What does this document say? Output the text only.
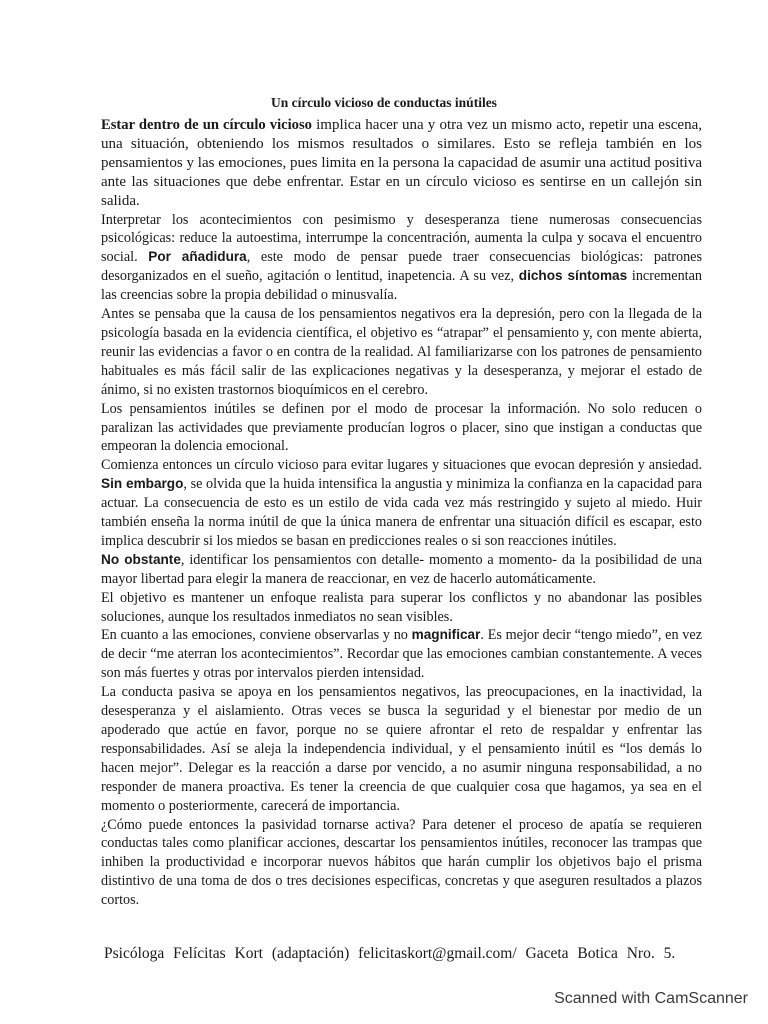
Un círculo vicioso de conductas inútiles

Estar dentro de un círculo vicioso implica hacer una y otra vez un mismo acto, repetir una escena, una situación, obteniendo los mismos resultados o similares. Esto se refleja también en los pensamientos y las emociones, pues limita en la persona la capacidad de asumir una actitud positiva ante las situaciones que debe enfrentar. Estar en un círculo vicioso es sentirse en un callejón sin salida.

Interpretar los acontecimientos con pesimismo y desesperanza tiene numerosas consecuencias psicológicas: reduce la autoestima, interrumpe la concentración, aumenta la culpa y socava el encuentro social. Por añadidura, este modo de pensar puede traer consecuencias biológicas: patrones desorganizados en el sueño, agitación o lentitud, inapetencia. A su vez, dichos síntomas incrementan las creencias sobre la propia debilidad o minusvalía.

Antes se pensaba que la causa de los pensamientos negativos era la depresión, pero con la llegada de la psicología basada en la evidencia científica, el objetivo es “atrapar” el pensamiento y, con mente abierta, reunir las evidencias a favor o en contra de la realidad. Al familiarizarse con los patrones de pensamiento habituales es más fácil salir de las explicaciones negativas y la desesperanza, y mejorar el estado de ánimo, si no existen trastornos bioquímicos en el cerebro.

Los pensamientos inútiles se definen por el modo de procesar la información. No solo reducen o paralizan las actividades que previamente producían logros o placer, sino que instigan a conductas que empeoran la dolencia emocional.

Comienza entonces un círculo vicioso para evitar lugares y situaciones que evocan depresión y ansiedad. Sin embargo, se olvida que la huida intensifica la angustia y minimiza la confianza en la capacidad para actuar. La consecuencia de esto es un estilo de vida cada vez más restringido y sujeto al miedo. Huir también enseña la norma inútil de que la única manera de enfrentar una situación difícil es escapar, esto implica descubrir si los miedos se basan en predicciones reales o si son reacciones inútiles.

No obstante, identificar los pensamientos con detalle- momento a momento- da la posibilidad de una mayor libertad para elegir la manera de reaccionar, en vez de hacerlo automáticamente.

El objetivo es mantener un enfoque realista para superar los conflictos y no abandonar las posibles soluciones, aunque los resultados inmediatos no sean visibles.

En cuanto a las emociones, conviene observarlas y no magnificar. Es mejor decir “tengo miedo”, en vez de decir “me aterran los acontecimientos”. Recordar que las emociones cambian constantemente. A veces son más fuertes y otras por intervalos pierden intensidad.

La conducta pasiva se apoya en los pensamientos negativos, las preocupaciones, en la inactividad, la desesperanza y el aislamiento. Otras veces se busca la seguridad y el bienestar por medio de un apoderado que actúe en favor, porque no se quiere afrontar el reto de respaldar y enfrentar las responsabilidades. Así se aleja la independencia individual, y el pensamiento inútil es “los demás lo hacen mejor”. Delegar es la reacción a darse por vencido, a no asumir ninguna responsabilidad, a no responder de manera proactiva. Es tener la creencia de que cualquier cosa que hagamos, ya sea en el momento o posteriormente, carecerá de importancia.

¿Cómo puede entonces la pasividad tornarse activa? Para detener el proceso de apatía se requieren conductas tales como planificar acciones, descartar los pensamientos inútiles, reconocer las trampas que inhiben la productividad e incorporar nuevos hábitos que harán cumplir los objetivos bajo el prisma distintivo de una toma de dos o tres decisiones especificas, concretas y que aseguren resultados a plazos cortos.

Psicóloga Felícitas Kort (adaptación) felicitaskort@gmail.com/ Gaceta Botica Nro. 5.
Scanned with CamScanner
